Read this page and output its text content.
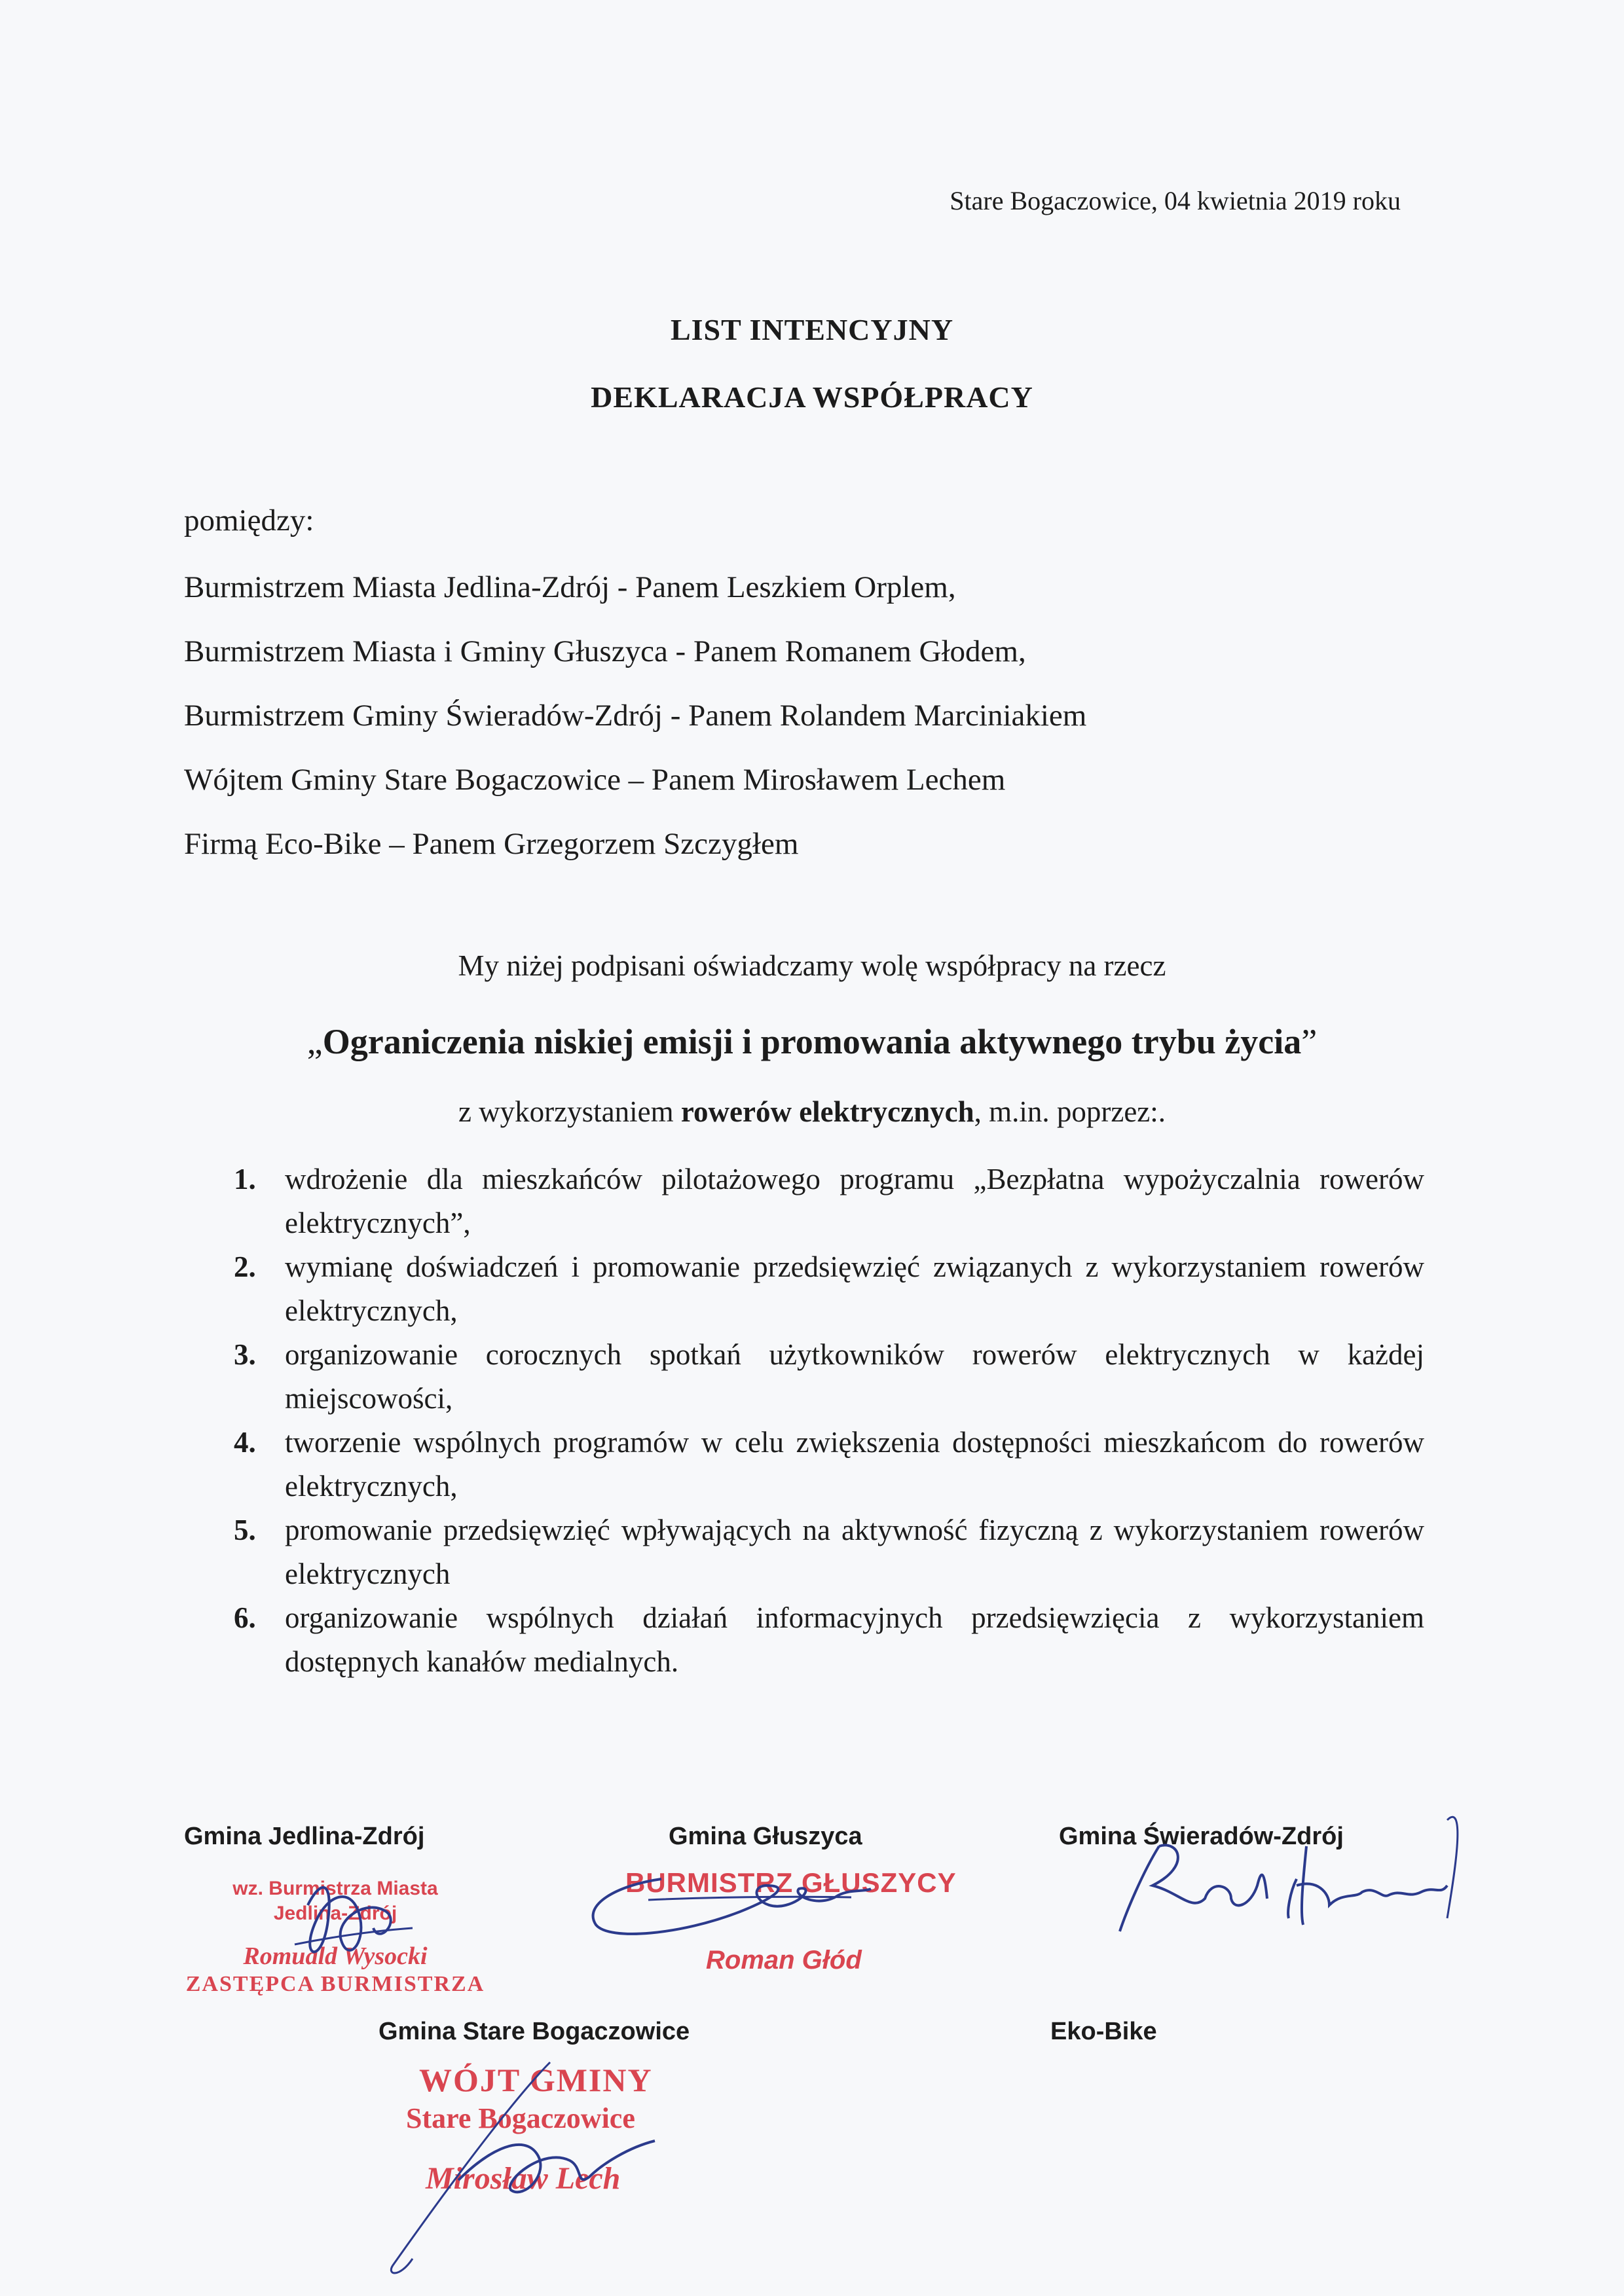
Stare Bogaczowice, 04 kwietnia 2019 roku
LIST INTENCYJNY
DEKLARACJA WSPÓŁPRACY
pomiędzy:
Burmistrzem Miasta Jedlina-Zdrój - Panem Leszkiem Orplem,
Burmistrzem Miasta i Gminy Głuszyca - Panem Romanem Głodem,
Burmistrzem Gminy Świeradów-Zdrój - Panem Rolandem Marciniakiem
Wójtem Gminy Stare Bogaczowice – Panem Mirosławem Lechem
Firmą Eco-Bike – Panem Grzegorzem Szczygłem
My niżej podpisani oświadczamy wolę współpracy na rzecz
„Ograniczenia niskiej emisji i promowania aktywnego trybu życia”
z wykorzystaniem rowerów elektrycznych, m.in. poprzez:.
1. wdrożenie dla mieszkańców pilotażowego programu „Bezpłatna wypożyczalnia rowerów elektrycznych”,
2. wymianę doświadczeń i promowanie przedsięwzięć związanych z wykorzystaniem rowerów elektrycznych,
3. organizowanie corocznych spotkań użytkowników rowerów elektrycznych w każdej miejscowości,
4. tworzenie wspólnych programów w celu zwiększenia dostępności mieszkańcom do rowerów elektrycznych,
5. promowanie przedsięwzięć wpływających na aktywność fizyczną z wykorzystaniem rowerów elektrycznych
6. organizowanie wspólnych działań informacyjnych przedsięwzięcia z wykorzystaniem dostępnych kanałów medialnych.
Gmina Jedlina-Zdrój
wz. Burmistrza Miasta
Jedlina-Zdrój
Romuald Wysocki
ZASTĘPCA BURMISTRZA
Gmina Głuszyca
BURMISTRZ GŁUSZYCY
Roman Głód
Gmina Świeradów-Zdrój
Gmina Stare Bogaczowice
WÓJT GMINY
Stare Bogaczowice
Mirosław Lech
Eko-Bike
